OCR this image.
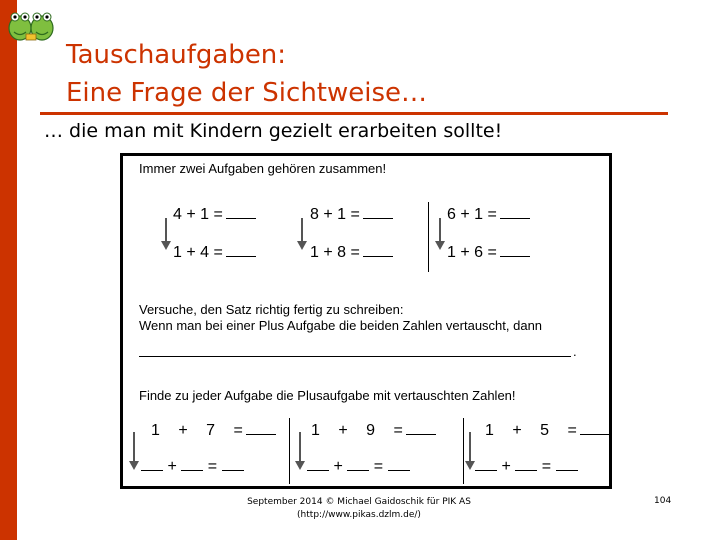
Tauschaufgaben:
Eine Frage der Sichtweise…
… die man mit Kindern gezielt erarbeiten sollte!
Immer zwei Aufgaben gehören zusammen!
4 + 1 =
1 + 4 =
8 + 1 =
1 + 8 =
6 + 1 =
1 + 6 =
Versuche, den Satz richtig fertig zu schreiben:
Wenn man bei einer Plus Aufgabe die beiden Zahlen vertauscht, dann
.
Finde zu jeder Aufgabe die Plusaufgabe mit vertauschten Zahlen!
1 + 7 =
+ =
1 + 9 =
+ =
1 + 5 =
+ =
September 2014 © Michael Gaidoschik für PIK AS
(http://www.pikas.dzlm.de/)
104
